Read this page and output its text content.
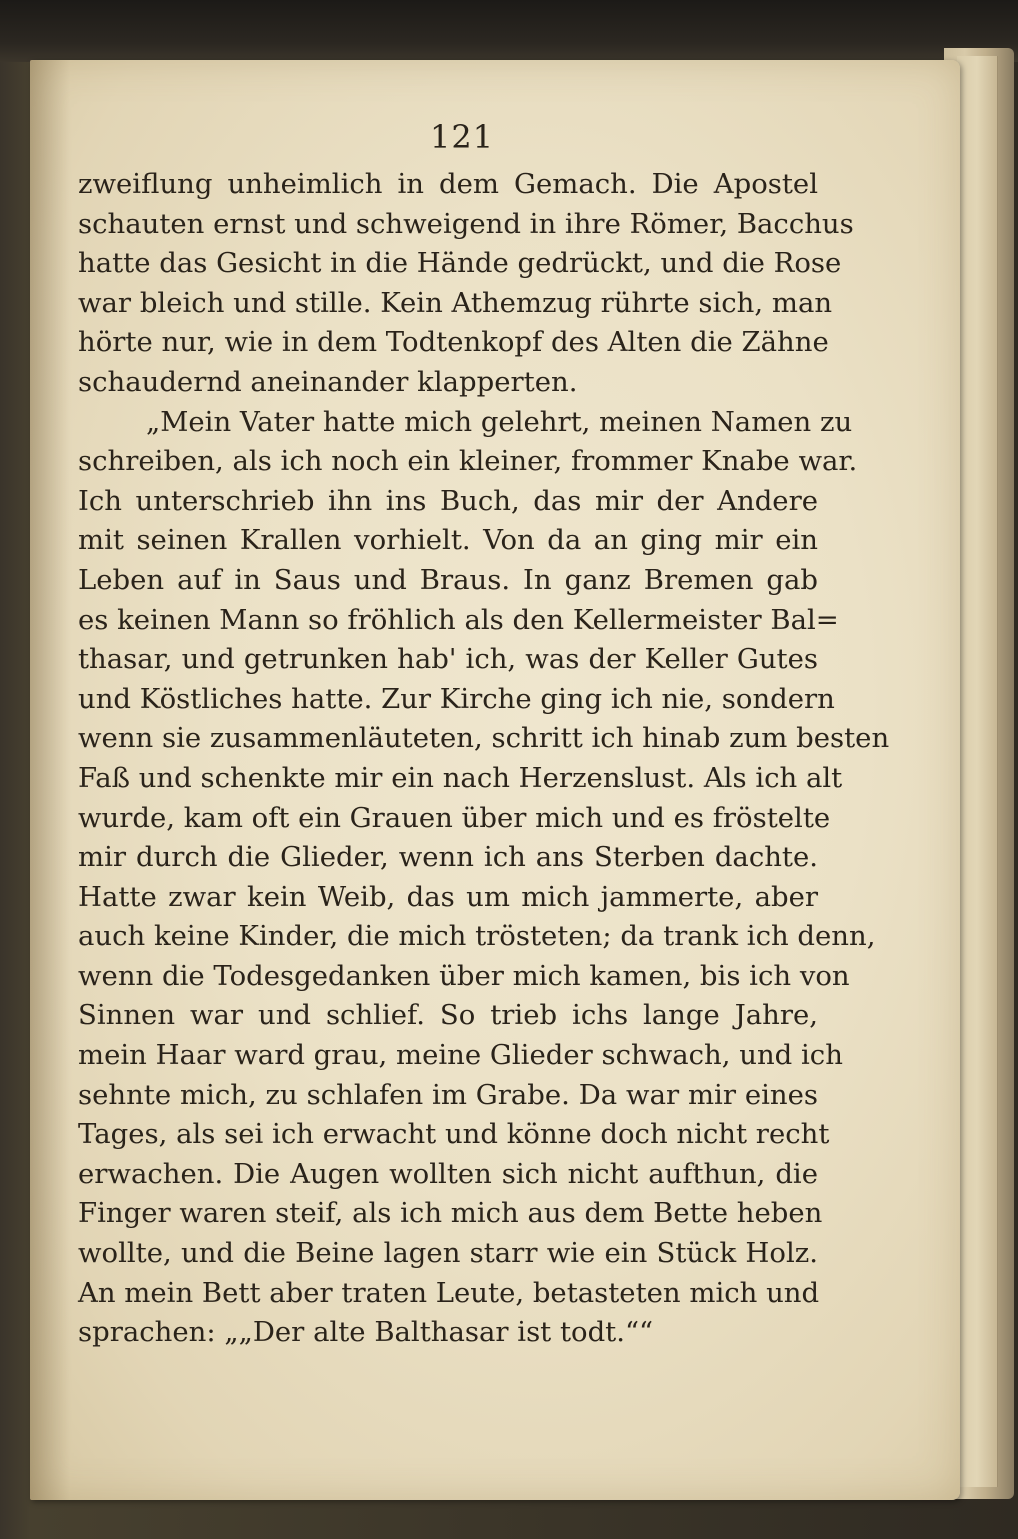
121
zweiflung unheimlich in dem Gemach. Die Apostel
schauten ernst und schweigend in ihre Römer, Bacchus
hatte das Gesicht in die Hände gedrückt, und die Rose
war bleich und stille. Kein Athemzug rührte sich, man
hörte nur, wie in dem Todtenkopf des Alten die Zähne
schaudernd aneinander klapperten.
„Mein Vater hatte mich gelehrt, meinen Namen zu
schreiben, als ich noch ein kleiner, frommer Knabe war.
Ich unterschrieb ihn ins Buch, das mir der Andere
mit seinen Krallen vorhielt. Von da an ging mir ein
Leben auf in Saus und Braus. In ganz Bremen gab
es keinen Mann so fröhlich als den Kellermeister Bal=
thasar, und getrunken hab' ich, was der Keller Gutes
und Köstliches hatte. Zur Kirche ging ich nie, sondern
wenn sie zusammenläuteten, schritt ich hinab zum besten
Faß und schenkte mir ein nach Herzenslust. Als ich alt
wurde, kam oft ein Grauen über mich und es fröstelte
mir durch die Glieder, wenn ich ans Sterben dachte.
Hatte zwar kein Weib, das um mich jammerte, aber
auch keine Kinder, die mich trösteten; da trank ich denn,
wenn die Todesgedanken über mich kamen, bis ich von
Sinnen war und schlief. So trieb ichs lange Jahre,
mein Haar ward grau, meine Glieder schwach, und ich
sehnte mich, zu schlafen im Grabe. Da war mir eines
Tages, als sei ich erwacht und könne doch nicht recht
erwachen. Die Augen wollten sich nicht aufthun, die
Finger waren steif, als ich mich aus dem Bette heben
wollte, und die Beine lagen starr wie ein Stück Holz.
An mein Bett aber traten Leute, betasteten mich und
sprachen: „„Der alte Balthasar ist todt.““
